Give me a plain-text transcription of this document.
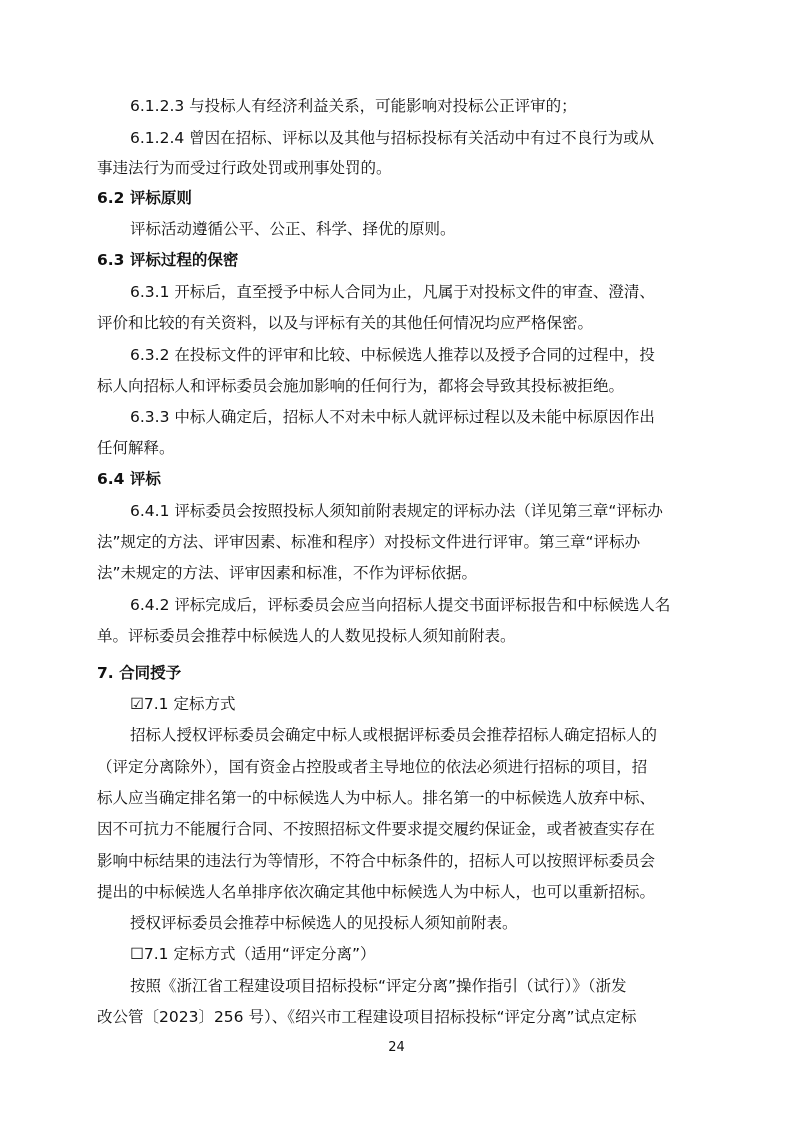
6.1.2.3 与投标人有经济利益关系，可能影响对投标公正评审的；
6.1.2.4 曾因在招标、评标以及其他与招标投标有关活动中有过不良行为或从
事违法行为而受过行政处罚或刑事处罚的。
6.2 评标原则
评标活动遵循公平、公正、科学、择优的原则。
6.3 评标过程的保密
6.3.1 开标后，直至授予中标人合同为止，凡属于对投标文件的审查、澄清、
评价和比较的有关资料，以及与评标有关的其他任何情况均应严格保密。
6.3.2 在投标文件的评审和比较、中标候选人推荐以及授予合同的过程中，投
标人向招标人和评标委员会施加影响的任何行为，都将会导致其投标被拒绝。
6.3.3 中标人确定后，招标人不对未中标人就评标过程以及未能中标原因作出
任何解释。
6.4 评标
6.4.1 评标委员会按照投标人须知前附表规定的评标办法（详见第三章“评标办
法”规定的方法、评审因素、标准和程序）对投标文件进行评审。第三章“评标办
法”未规定的方法、评审因素和标准，不作为评标依据。
6.4.2 评标完成后，评标委员会应当向招标人提交书面评标报告和中标候选人名
单。评标委员会推荐中标候选人的人数见投标人须知前附表。
7. 合同授予
☑7.1 定标方式
招标人授权评标委员会确定中标人或根据评标委员会推荐招标人确定招标人的
（评定分离除外），国有资金占控股或者主导地位的依法必须进行招标的项目，招
标人应当确定排名第一的中标候选人为中标人。排名第一的中标候选人放弃中标、
因不可抗力不能履行合同、不按照招标文件要求提交履约保证金，或者被查实存在
影响中标结果的违法行为等情形，不符合中标条件的，招标人可以按照评标委员会
提出的中标候选人名单排序依次确定其他中标候选人为中标人，也可以重新招标。
授权评标委员会推荐中标候选人的见投标人须知前附表。
☐7.1 定标方式（适用“评定分离”）
按照《浙江省工程建设项目招标投标“评定分离”操作指引（试行）》（浙发
改公管〔2023〕256 号）、《绍兴市工程建设项目招标投标“评定分离”试点定标
24
